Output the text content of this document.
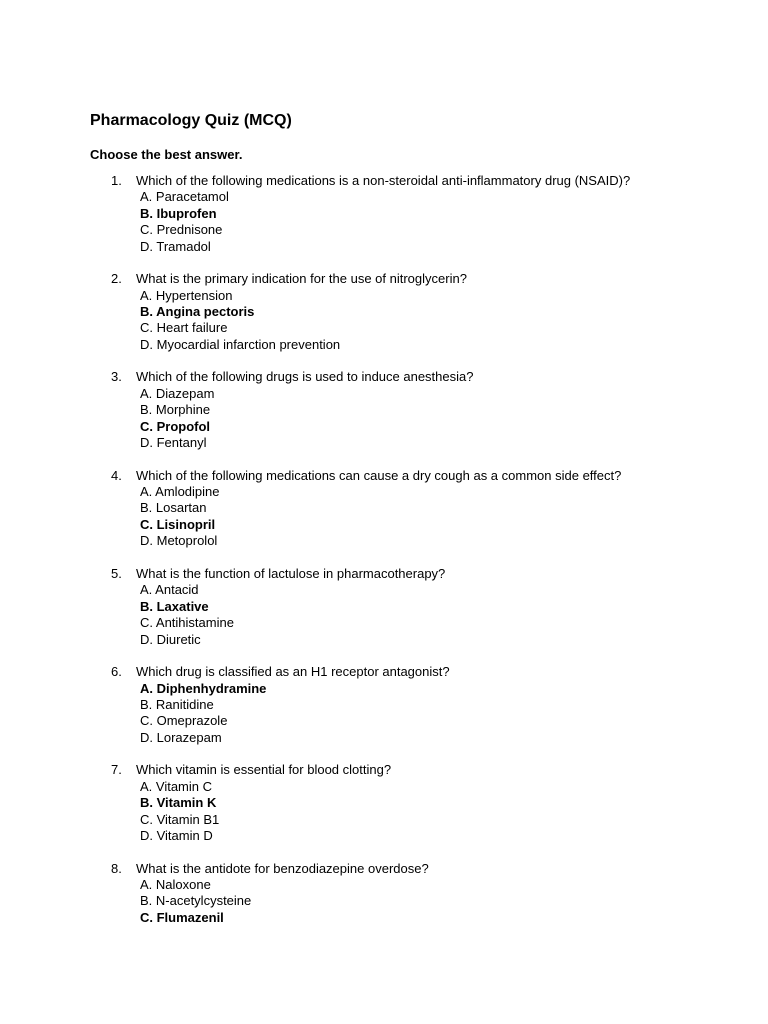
Pharmacology Quiz (MCQ)

Choose the best answer.

1. Which of the following medications is a non-steroidal anti-inflammatory drug (NSAID)?
A. Paracetamol
B. Ibuprofen
C. Prednisone
D. Tramadol
2. What is the primary indication for the use of nitroglycerin?
A. Hypertension
B. Angina pectoris
C. Heart failure
D. Myocardial infarction prevention
3. Which of the following drugs is used to induce anesthesia?
A. Diazepam
B. Morphine
C. Propofol
D. Fentanyl
4. Which of the following medications can cause a dry cough as a common side effect?
A. Amlodipine
B. Losartan
C. Lisinopril
D. Metoprolol
5. What is the function of lactulose in pharmacotherapy?
A. Antacid
B. Laxative
C. Antihistamine
D. Diuretic
6. Which drug is classified as an H1 receptor antagonist?
A. Diphenhydramine
B. Ranitidine
C. Omeprazole
D. Lorazepam
7. Which vitamin is essential for blood clotting?
A. Vitamin C
B. Vitamin K
C. Vitamin B1
D. Vitamin D
8. What is the antidote for benzodiazepine overdose?
A. Naloxone
B. N-acetylcysteine
C. Flumazenil
